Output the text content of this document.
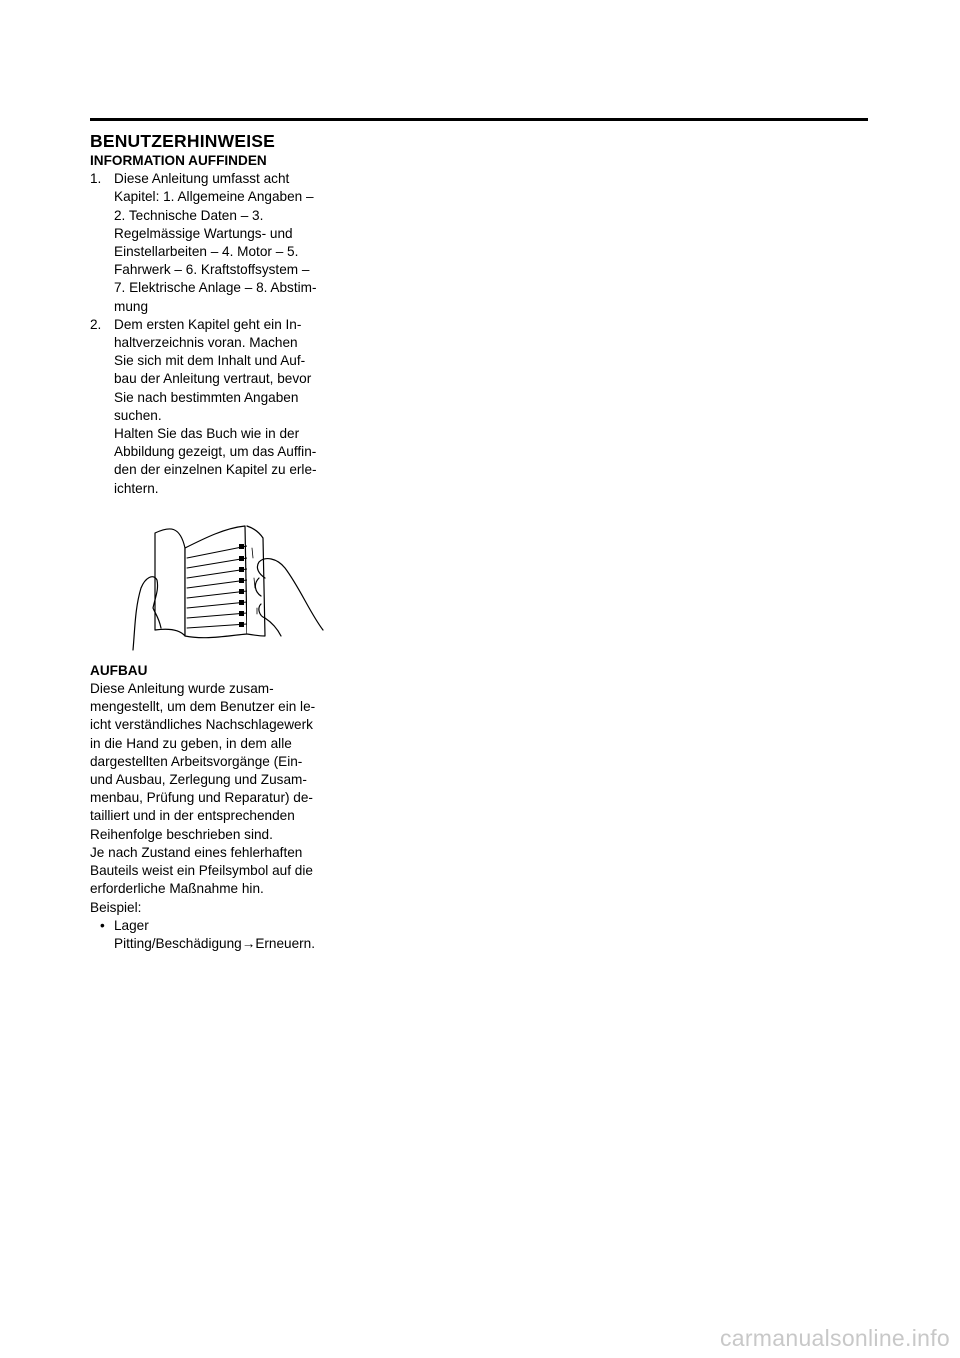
BENUTZERHINWEISE

INFORMATION AUFFINDEN

1. Diese Anleitung umfasst acht

Kapitel: 1. Allgemeine Angaben –

2. Technische Daten – 3.

Regelmässige Wartungs- und

Einstellarbeiten – 4. Motor – 5.

Fahrwerk – 6. Kraftstoffsystem –

7. Elektrische Anlage – 8. Abstim-

mung

2. Dem ersten Kapitel geht ein In-

haltverzeichnis voran. Machen

Sie sich mit dem Inhalt und Auf-

bau der Anleitung vertraut, bevor

Sie nach bestimmten Angaben

suchen.

Halten Sie das Buch wie in der

Abbildung gezeigt, um das Auffin-

den der einzelnen Kapitel zu erle-

ichtern.

AUFBAU

Diese Anleitung wurde zusam-

mengestellt, um dem Benutzer ein le-

icht verständliches Nachschlagewerk

in die Hand zu geben, in dem alle

dargestellten Arbeitsvorgänge (Ein-

und Ausbau, Zerlegung und Zusam-

menbau, Prüfung und Reparatur) de-

tailliert und in der entsprechenden

Reihenfolge beschrieben sind.

Je nach Zustand eines fehlerhaften

Bauteils weist ein Pfeilsymbol auf die

erforderliche Maßnahme hin.

Beispiel:

• Lager
Pitting/Beschädigung→Erneuern.
carmanualsonline.info
